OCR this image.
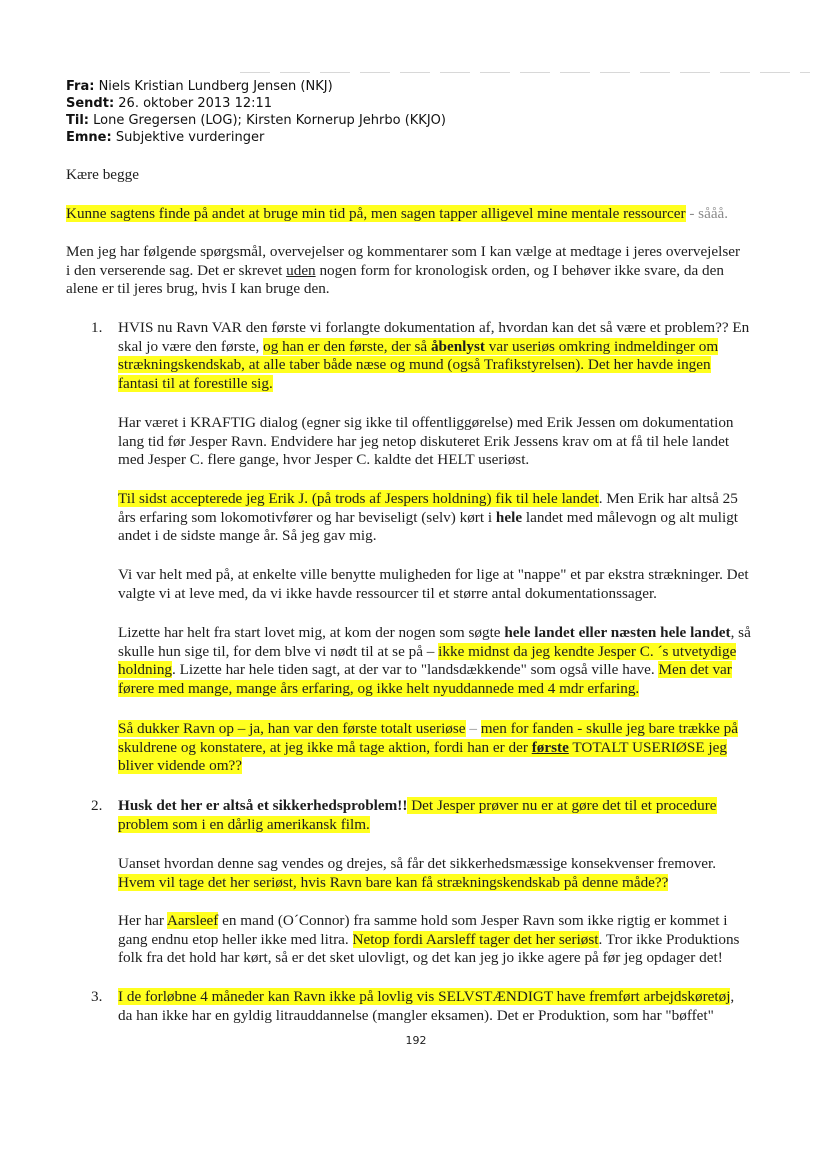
Fra: Niels Kristian Lundberg Jensen (NKJ)
Sendt: 26. oktober 2013 12:11
Til: Lone Gregersen (LOG); Kirsten Kornerup Jehrbo (KKJO)
Emne: Subjektive vurderinger
Kære begge
Kunne sagtens finde på andet at bruge min tid på, men sagen tapper alligevel mine mentale ressourcer - sååå.
Men jeg har følgende spørgsmål, overvejelser og kommentarer som I kan vælge at medtage i jeres overvejelser
i den verserende sag. Det er skrevet uden nogen form for kronologisk orden, og I behøver ikke svare, da den
alene er til jeres brug, hvis I kan bruge den.
1. HVIS nu Ravn VAR den første vi forlangte dokumentation af, hvordan kan det så være et problem?? En
skal jo være den første, og han er den første, der så åbenlyst var useriøs omkring indmeldinger om
strækningskendskab, at alle taber både næse og mund (også Trafikstyrelsen). Det her havde ingen
fantasi til at forestille sig.
Har været i KRAFTIG dialog (egner sig ikke til offentliggørelse) med Erik Jessen om dokumentation
lang tid før Jesper Ravn. Endvidere har jeg netop diskuteret Erik Jessens krav om at få til hele landet
med Jesper C. flere gange, hvor Jesper C. kaldte det HELT useriøst.
Til sidst accepterede jeg Erik J. (på trods af Jespers holdning) fik til hele landet. Men Erik har altså 25
års erfaring som lokomotivfører og har beviseligt (selv) kørt i hele landet med målevogn og alt muligt
andet i de sidste mange år. Så jeg gav mig.
Vi var helt med på, at enkelte ville benytte muligheden for lige at "nappe" et par ekstra strækninger. Det
valgte vi at leve med, da vi ikke havde ressourcer til et større antal dokumentationssager.
Lizette har helt fra start lovet mig, at kom der nogen som søgte hele landet eller næsten hele landet, så
skulle hun sige til, for dem blve vi nødt til at se på – ikke midnst da jeg kendte Jesper C. ´s utvetydige
holdning. Lizette har hele tiden sagt, at der var to "landsdækkende" som også ville have. Men det var
førere med mange, mange års erfaring, og ikke helt nyuddannede med 4 mdr erfaring.
Så dukker Ravn op – ja, han var den første totalt useriøse – men for fanden - skulle jeg bare trække på
skuldrene og konstatere, at jeg ikke må tage aktion, fordi han er der første TOTALT USERIØSE jeg
bliver vidende om??
2. Husk det her er altså et sikkerhedsproblem!! Det Jesper prøver nu er at gøre det til et procedure
problem som i en dårlig amerikansk film.
Uanset hvordan denne sag vendes og drejes, så får det sikkerhedsmæssige konsekvenser fremover.
Hvem vil tage det her seriøst, hvis Ravn bare kan få strækningskendskab på denne måde??
Her har Aarsleef en mand (O´Connor) fra samme hold som Jesper Ravn som ikke rigtig er kommet i
gang endnu etop heller ikke med litra. Netop fordi Aarsleff tager det her seriøst. Tror ikke Produktions
folk fra det hold har kørt, så er det sket ulovligt, og det kan jeg jo ikke agere på før jeg opdager det!
3. I de forløbne 4 måneder kan Ravn ikke på lovlig vis SELVSTÆNDIGT have fremført arbejdskøretøj,
da han ikke har en gyldig litrauddannelse (mangler eksamen). Det er Produktion, som har "bøffet"
192
